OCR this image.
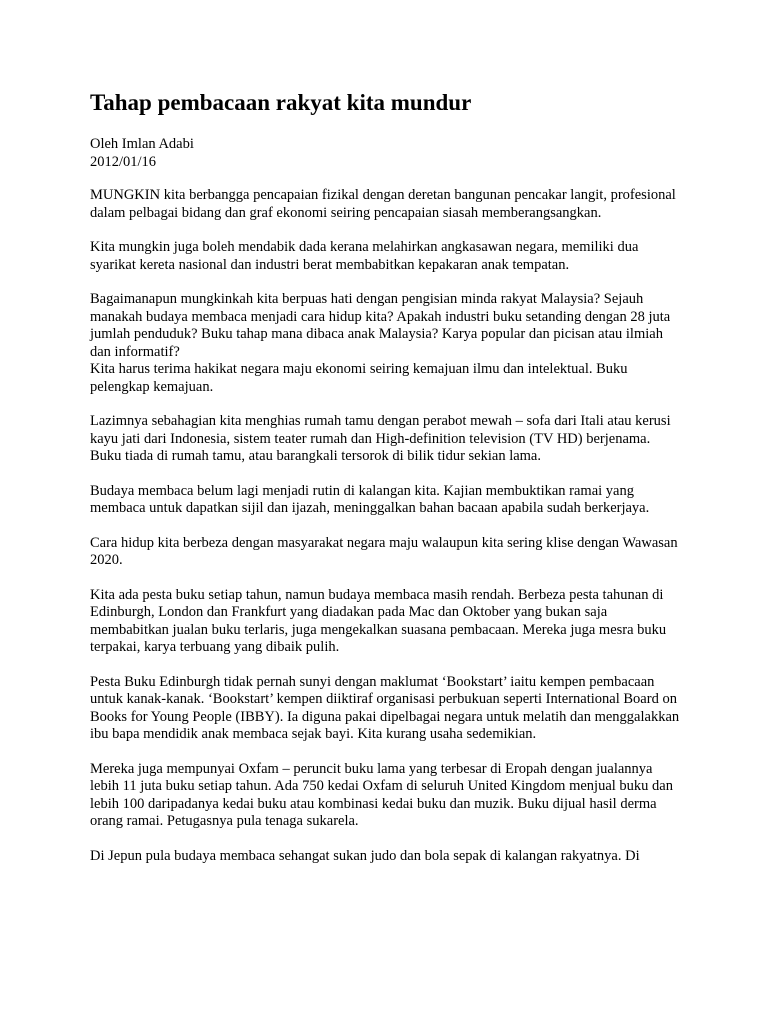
Tahap pembacaan rakyat kita mundur
Oleh Imlan Adabi
2012/01/16

MUNGKIN kita berbangga pencapaian fizikal dengan deretan bangunan pencakar langit, profesional dalam pelbagai bidang dan graf ekonomi seiring pencapaian siasah memberangsangkan.

Kita mungkin juga boleh mendabik dada kerana melahirkan angkasawan negara, memiliki dua syarikat kereta nasional dan industri berat membabitkan kepakaran anak tempatan.

Bagaimanapun mungkinkah kita berpuas hati dengan pengisian minda rakyat Malaysia? Sejauh manakah budaya membaca menjadi cara hidup kita? Apakah industri buku setanding dengan 28 juta jumlah penduduk? Buku tahap mana dibaca anak Malaysia? Karya popular dan picisan atau ilmiah dan informatif?

Kita harus terima hakikat negara maju ekonomi seiring kemajuan ilmu dan intelektual. Buku pelengkap kemajuan.

Lazimnya sebahagian kita menghias rumah tamu dengan perabot mewah – sofa dari Itali atau kerusi kayu jati dari Indonesia, sistem teater rumah dan High-definition television (TV HD) berjenama. Buku tiada di rumah tamu, atau barangkali tersorok di bilik tidur sekian lama.

Budaya membaca belum lagi menjadi rutin di kalangan kita. Kajian membuktikan ramai yang membaca untuk dapatkan sijil dan ijazah, meninggalkan bahan bacaan apabila sudah berkerjaya.

Cara hidup kita berbeza dengan masyarakat negara maju walaupun kita sering klise dengan Wawasan 2020.

Kita ada pesta buku setiap tahun, namun budaya membaca masih rendah. Berbeza pesta tahunan di Edinburgh, London dan Frankfurt yang diadakan pada Mac dan Oktober yang bukan saja membabitkan jualan buku terlaris, juga mengekalkan suasana pembacaan. Mereka juga mesra buku terpakai, karya terbuang yang dibaik pulih.

Pesta Buku Edinburgh tidak pernah sunyi dengan maklumat ‘Bookstart’ iaitu kempen pembacaan untuk kanak-kanak. ‘Bookstart’ kempen diiktiraf organisasi perbukuan seperti International Board on Books for Young People (IBBY). Ia diguna pakai dipelbagai negara untuk melatih dan menggalakkan ibu bapa mendidik anak membaca sejak bayi. Kita kurang usaha sedemikian.

Mereka juga mempunyai Oxfam – peruncit buku lama yang terbesar di Eropah dengan jualannya lebih 11 juta buku setiap tahun. Ada 750 kedai Oxfam di seluruh United Kingdom menjual buku dan lebih 100 daripadanya kedai buku atau kombinasi kedai buku dan muzik. Buku dijual hasil derma orang ramai. Petugasnya pula tenaga sukarela.

Di Jepun pula budaya membaca sehangat sukan judo dan bola sepak di kalangan rakyatnya. Di
